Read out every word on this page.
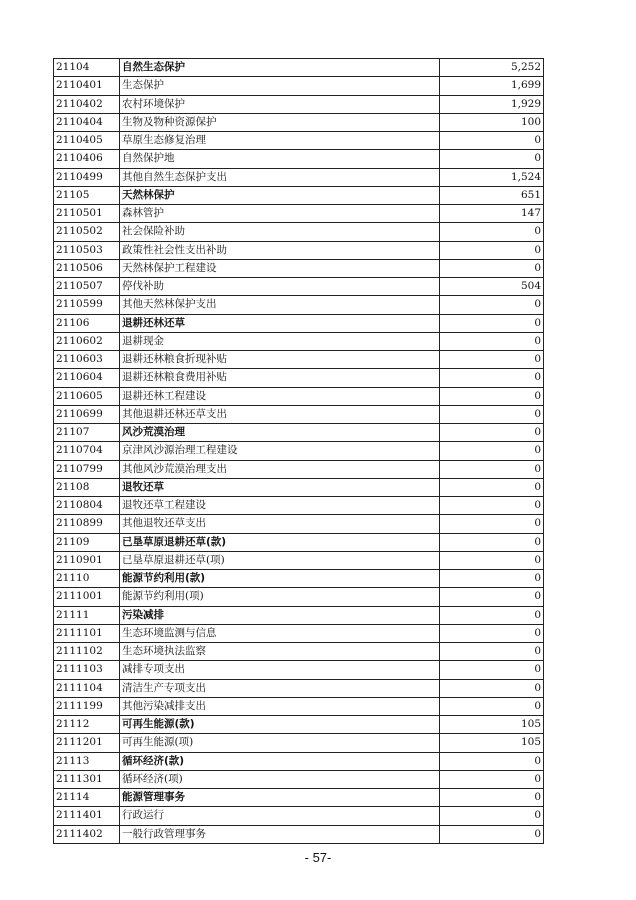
21104	自然生态保护	5,252
2110401	生态保护	1,699
2110402	农村环境保护	1,929
2110404	生物及物种资源保护	100
2110405	草原生态修复治理	0
2110406	自然保护地	0
2110499	其他自然生态保护支出	1,524
21105	天然林保护	651
2110501	森林管护	147
2110502	社会保险补助	0
2110503	政策性社会性支出补助	0
2110506	天然林保护工程建设	0
2110507	停伐补助	504
2110599	其他天然林保护支出	0
21106	退耕还林还草	0
2110602	退耕现金	0
2110603	退耕还林粮食折现补贴	0
2110604	退耕还林粮食费用补贴	0
2110605	退耕还林工程建设	0
2110699	其他退耕还林还草支出	0
21107	风沙荒漠治理	0
2110704	京津风沙源治理工程建设	0
2110799	其他风沙荒漠治理支出	0
21108	退牧还草	0
2110804	退牧还草工程建设	0
2110899	其他退牧还草支出	0
21109	已垦草原退耕还草(款)	0
2110901	已垦草原退耕还草(项)	0
21110	能源节约利用(款)	0
2111001	能源节约利用(项)	0
21111	污染减排	0
2111101	生态环境监测与信息	0
2111102	生态环境执法监察	0
2111103	减排专项支出	0
2111104	清洁生产专项支出	0
2111199	其他污染减排支出	0
21112	可再生能源(款)	105
2111201	可再生能源(项)	105
21113	循环经济(款)	0
2111301	循环经济(项)	0
21114	能源管理事务	0
2111401	行政运行	0
2111402	一般行政管理事务	0
- 57-
